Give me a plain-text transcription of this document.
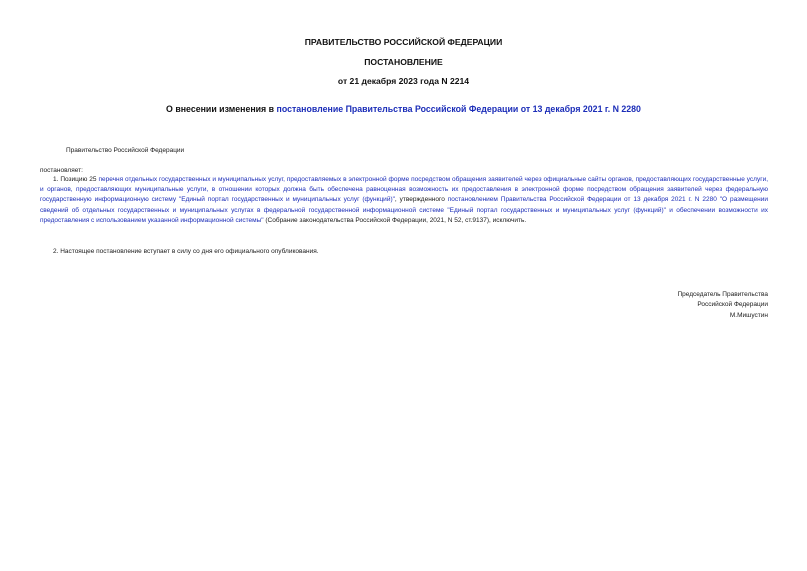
ПРАВИТЕЛЬСТВО РОССИЙСКОЙ ФЕДЕРАЦИИ
ПОСТАНОВЛЕНИЕ
от 21 декабря 2023 года N 2214
О внесении изменения в постановление Правительства Российской Федерации от 13 декабря 2021 г. N 2280
Правительство Российской Федерации
постановляет:
1. Позицию 25 перечня отдельных государственных и муниципальных услуг, предоставляемых в электронной форме посредством обращения заявителей через официальные сайты органов, предоставляющих государственные услуги, и органов, предоставляющих муниципальные услуги, в отношении которых должна быть обеспечена равноценная возможность их предоставления в электронной форме посредством обращения заявителей через федеральную государственную информационную систему "Единый портал государственных и муниципальных услуг (функций)", утвержденного постановлением Правительства Российской Федерации от 13 декабря 2021 г. N 2280 "О размещении сведений об отдельных государственных и муниципальных услугах в федеральной государственной информационной системе "Единый портал государственных и муниципальных услуг (функций)" и обеспечении возможности их предоставления с использованием указанной информационной системы" (Собрание законодательства Российской Федерации, 2021, N 52, ст.9137), исключить.
2. Настоящее постановление вступает в силу со дня его официального опубликования.
Председатель Правительства
Российской Федерации
М.Мишустин
